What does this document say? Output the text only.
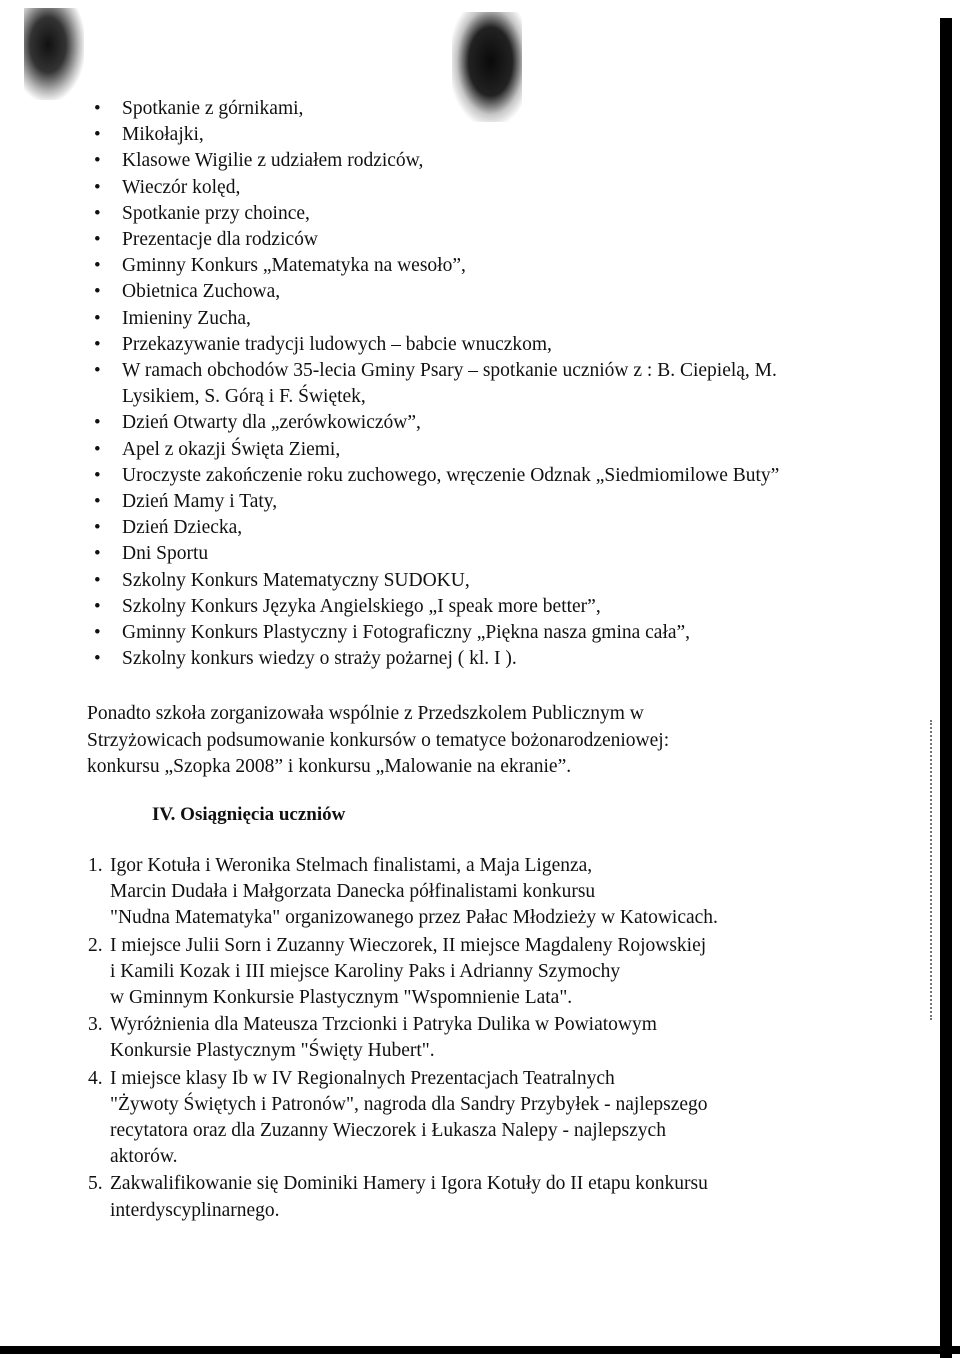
• Spotkanie z górnikami,
• Mikołajki,
• Klasowe Wigilie z udziałem rodziców,
• Wieczór kolęd,
• Spotkanie przy choince,
• Prezentacje dla rodziców
• Gminny Konkurs „Matematyka na wesoło”,
• Obietnica Zuchowa,
• Imieniny Zucha,
• Przekazywanie tradycji ludowych – babcie wnuczkom,
• W ramach obchodów 35-lecia Gminy Psary – spotkanie uczniów z : B. Ciepielą, M. Lysikiem, S. Górą i F. Świętek,
• Dzień Otwarty dla „zerówkowiczów”,
• Apel z okazji Święta Ziemi,
• Uroczyste zakończenie roku zuchowego, wręczenie Odznak „Siedmiomilowe Buty”
• Dzień Mamy i Taty,
• Dzień Dziecka,
• Dni Sportu
• Szkolny Konkurs Matematyczny SUDOKU,
• Szkolny Konkurs Języka Angielskiego „I speak more better”,
• Gminny Konkurs Plastyczny i Fotograficzny „Piękna nasza gmina cała”,
• Szkolny konkurs wiedzy o straży pożarnej ( kl. I ).

Ponadto szkoła zorganizowała wspólnie z Przedszkolem Publicznym w
Strzyżowicach podsumowanie konkursów o tematyce bożonarodzeniowej:
konkursu „Szopka 2008” i konkursu „Malowanie na ekranie”.

IV. Osiągnięcia uczniów
1. Igor Kotuła i Weronika Stelmach finalistami, a Maja Ligenza,
Marcin Dudała i Małgorzata Danecka półfinalistami konkursu
"Nudna Matematyka" organizowanego przez Pałac Młodzieży w Katowicach.
2. I miejsce Julii Sorn i Zuzanny Wieczorek, II miejsce Magdaleny Rojowskiej
i Kamili Kozak i III miejsce Karoliny Paks i Adrianny Szymochy
w Gminnym Konkursie Plastycznym "Wspomnienie Lata".
3. Wyróżnienia dla Mateusza Trzcionki i Patryka Dulika w Powiatowym
Konkursie Plastycznym "Święty Hubert".
4. I miejsce klasy Ib w IV Regionalnych Prezentacjach Teatralnych
"Żywoty Świętych i Patronów", nagroda dla Sandry Przybyłek - najlepszego
recytatora oraz dla Zuzanny Wieczorek i Łukasza Nalepy - najlepszych
aktorów.
5. Zakwalifikowanie się Dominiki Hamery i Igora Kotuły do II etapu konkursu
interdyscyplinarnego.
